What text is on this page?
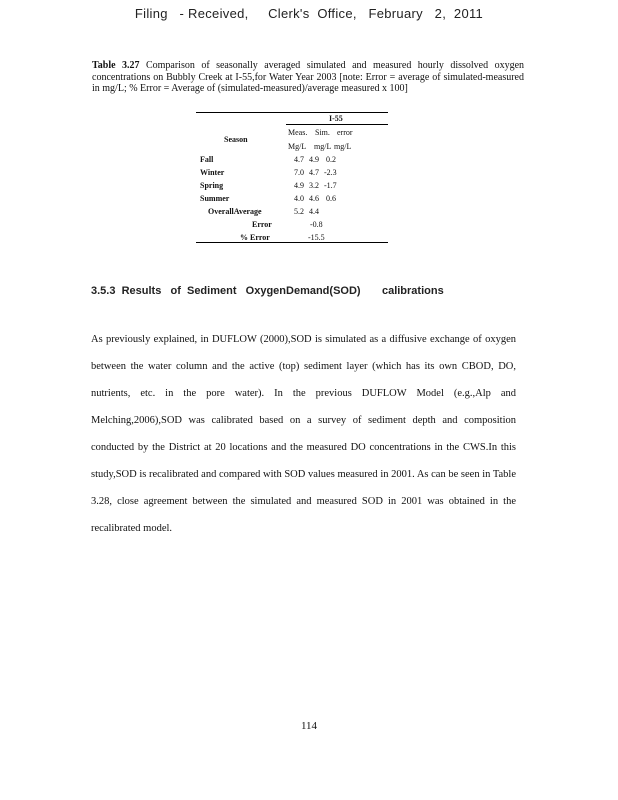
Filing   - Received,     Clerk's  Office,   February   2,  2011
Table 3.27 Comparison of seasonally averaged simulated and measured hourly dissolved oxygen concentrations on Bubbly Creek at I-55,for Water Year 2003 [note: Error = average of simulated-measured in mg/L; % Error = Average of (simulated-measured)/average measured x 100]
I-55
Season
Meas. Sim. error
Mg/L mg/L mg/L
Fall	4.7 4.9 0.2
Winter	7.0 4.7 -2.3
Spring	4.9 3.2 -1.7
Summer	4.0 4.6 0.6
OverallAverage	5.2 4.4
Error	-0.8
% Error	-15.5
3.5.3  Results   of  Sediment   OxygenDemand(SOD)       calibrations

As previously explained, in DUFLOW (2000),SOD is simulated as a diffusive exchange of oxygen between the water column and the active (top) sediment layer (which has its own CBOD, DO, nutrients, etc. in the pore water). In the previous DUFLOW Model (e.g.,Alp and Melching,2006),SOD was calibrated based on a survey of sediment depth and composition conducted by the District at 20 locations and the measured DO concentrations in the CWS.In this study,SOD is recalibrated and compared with SOD values measured in 2001. As can be seen in Table 3.28, close agreement between the simulated and measured SOD in 2001 was obtained in the recalibrated model.

114
